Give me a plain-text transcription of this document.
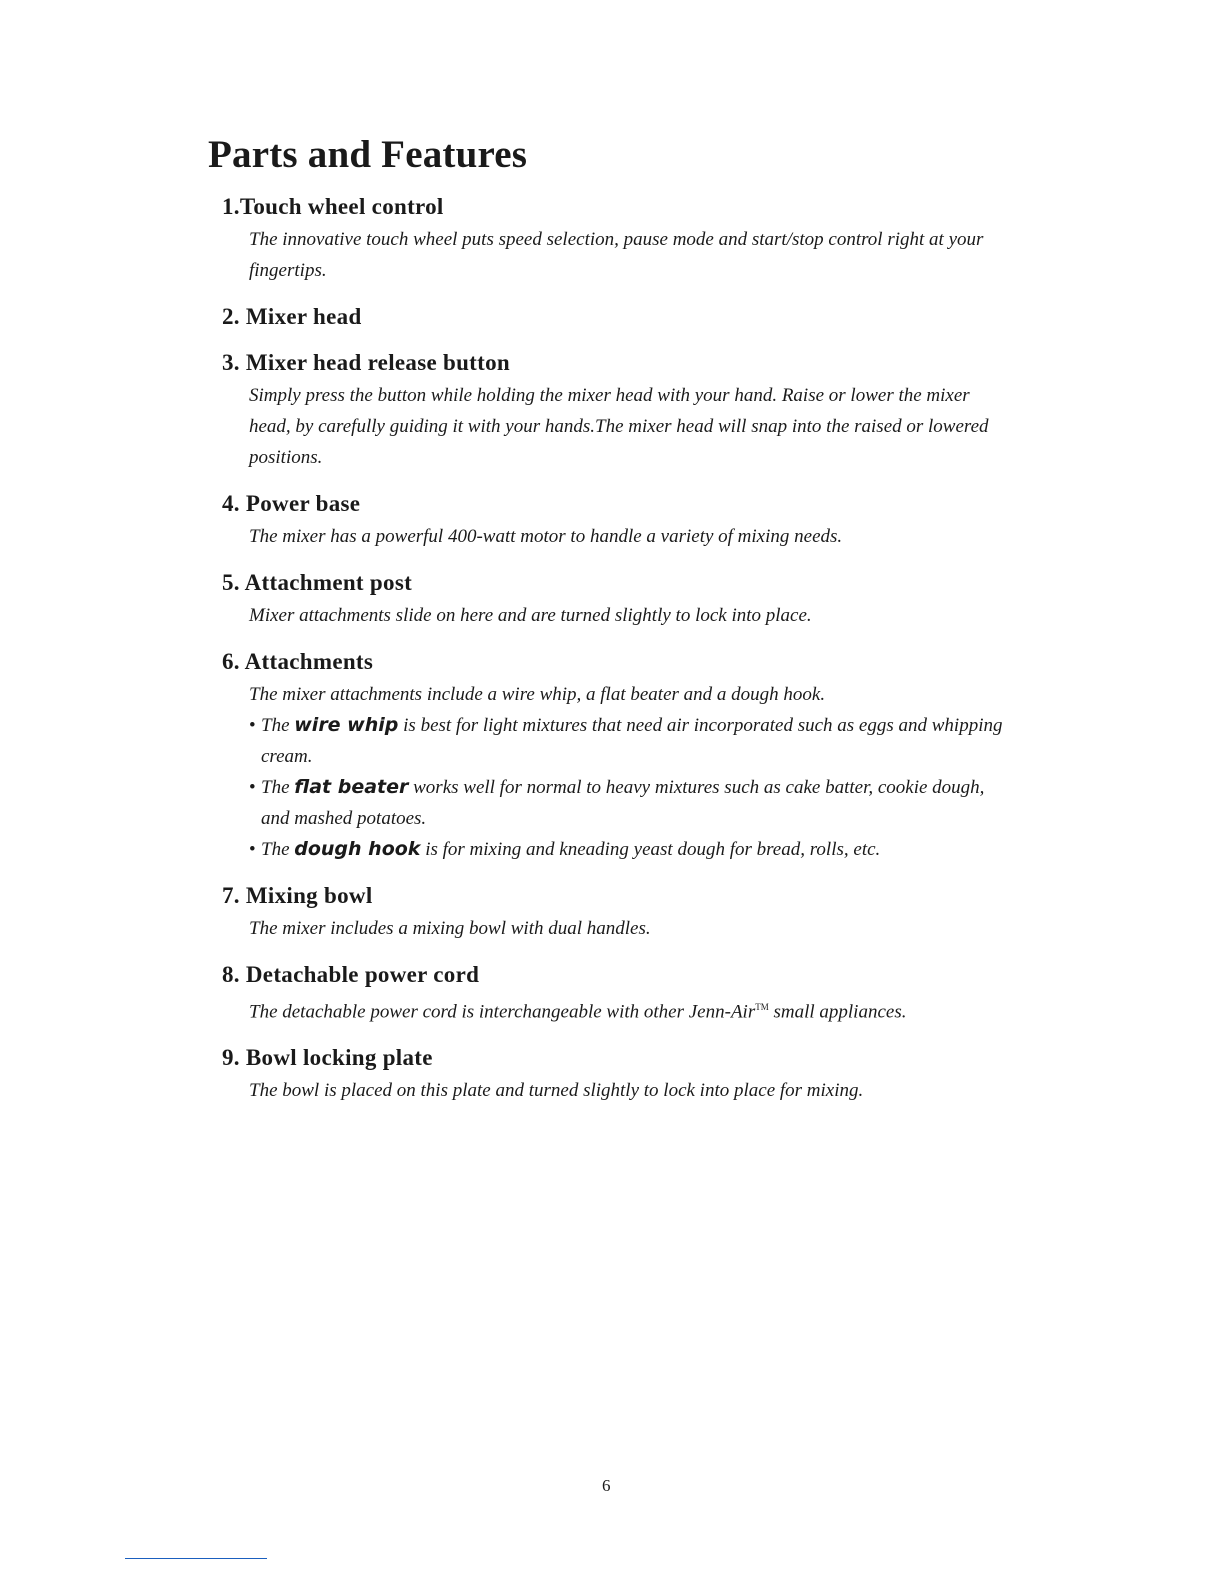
Parts and Features
1.Touch wheel control

The innovative touch wheel puts speed selection, pause mode and start/stop control right at your fingertips.

2. Mixer head
3. Mixer head release button

Simply press the button while holding the mixer head with your hand. Raise or lower the mixer head, by carefully guiding it with your hands.The mixer head will snap into the raised or lowered positions.

4. Power base

The mixer has a powerful 400-watt motor to handle a variety of mixing needs.

5. Attachment post

Mixer attachments slide on here and are turned slightly to lock into place.

6. Attachments

The mixer attachments include a wire whip, a flat beater and a dough hook.

• The wire whip is best for light mixtures that need air incorporated such as eggs and whipping cream.
• The flat beater works well for normal to heavy mixtures such as cake batter, cookie dough, and mashed potatoes.
• The dough hook is for mixing and kneading yeast dough for bread, rolls, etc.
7. Mixing bowl

The mixer includes a mixing bowl with dual handles.

8. Detachable power cord

The detachable power cord is interchangeable with other Jenn-Air™ small appliances.

9. Bowl locking plate

The bowl is placed on this plate and turned slightly to lock into place for mixing.

6
